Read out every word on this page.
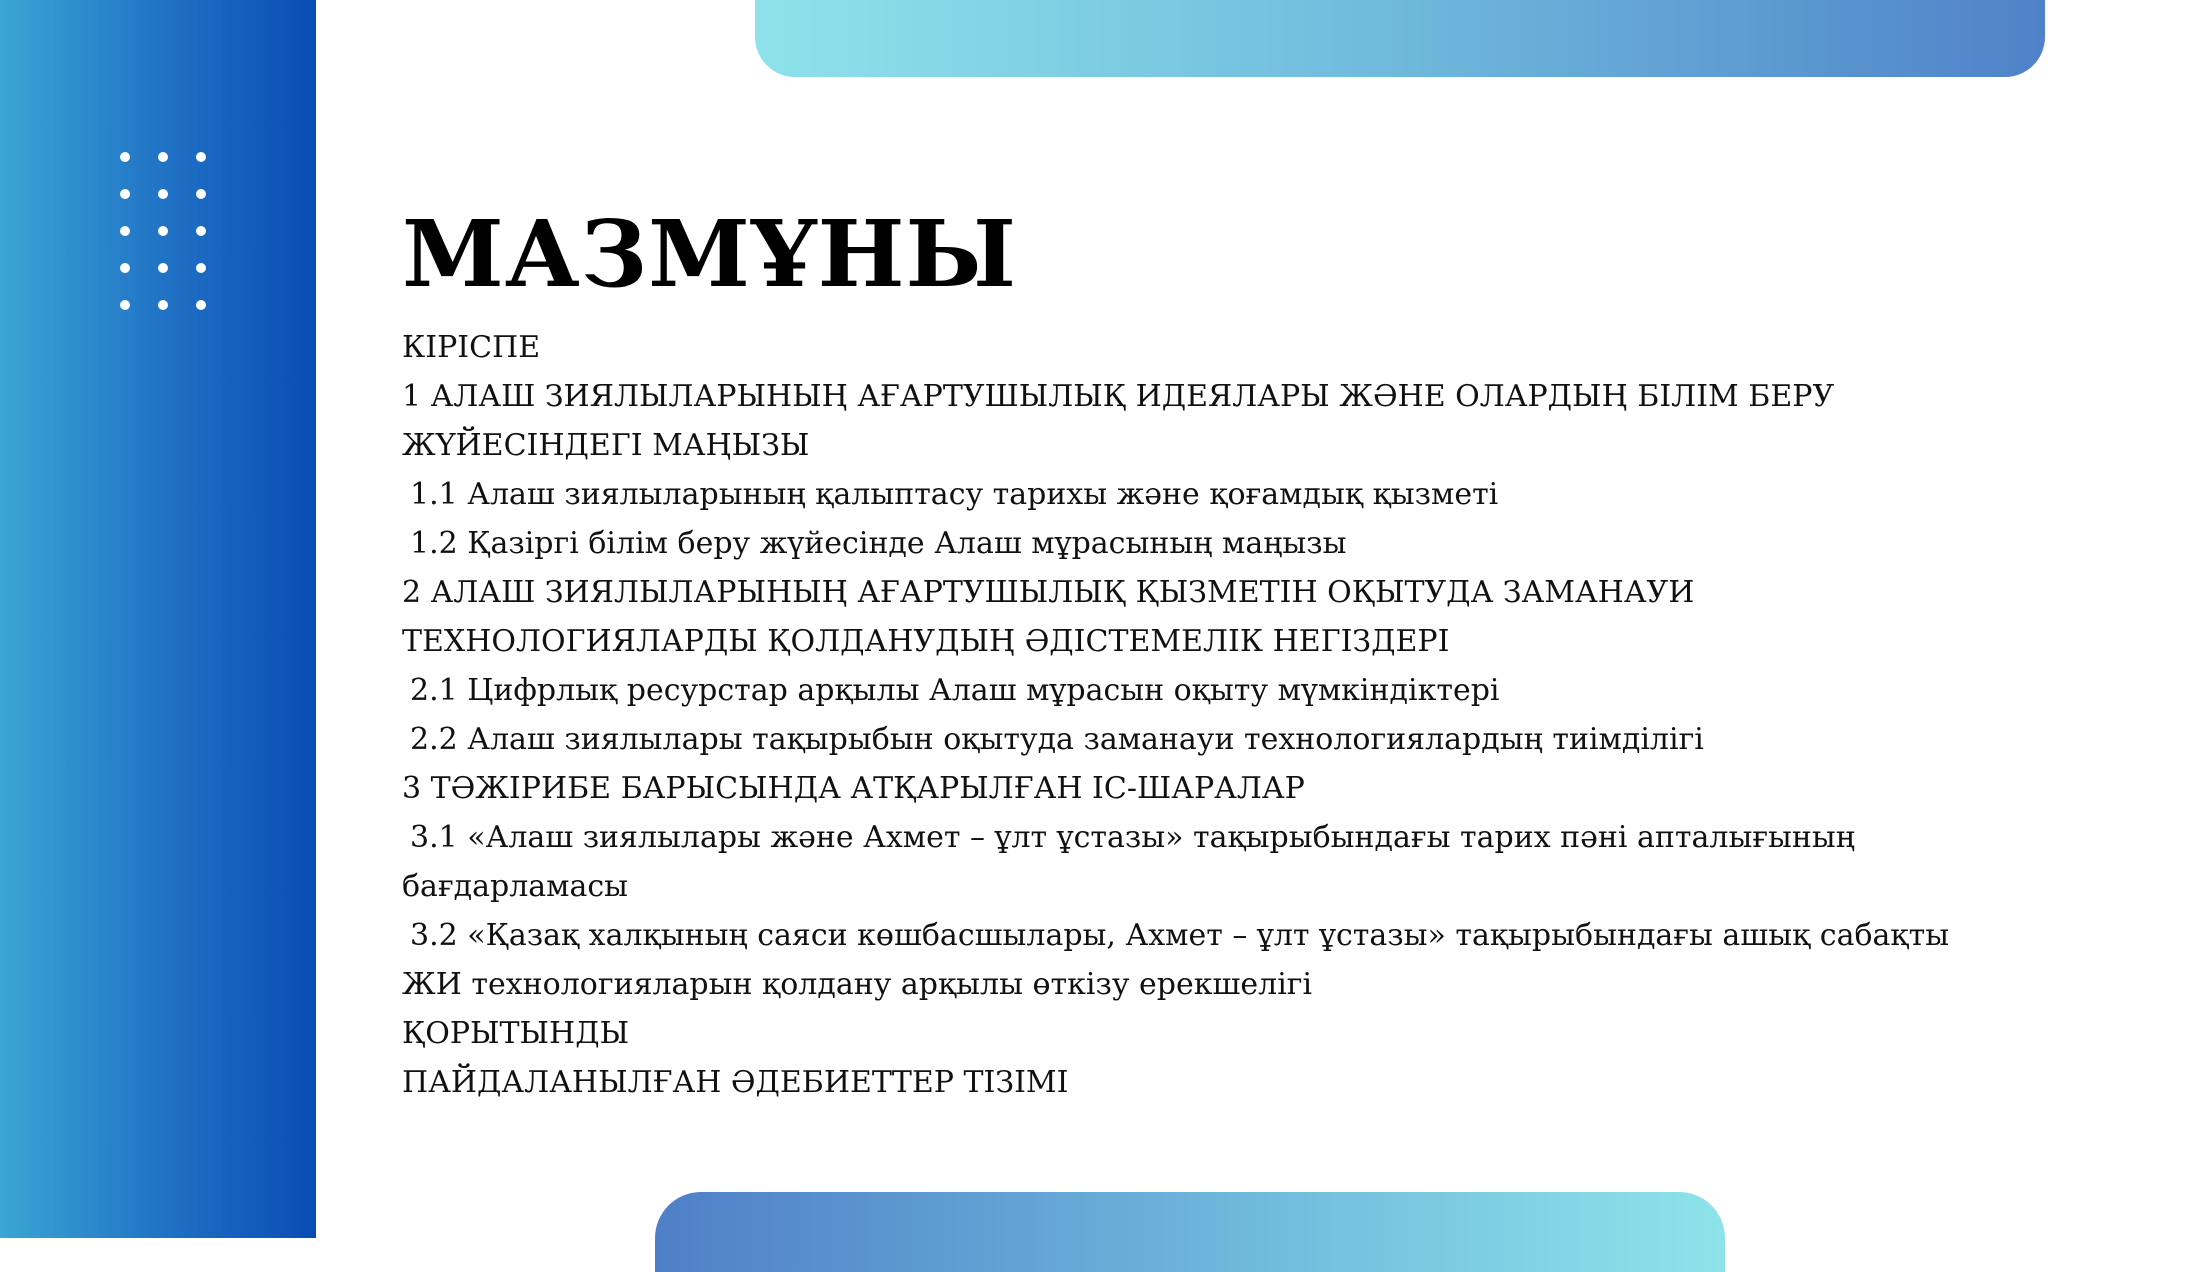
МАЗМҰНЫ
КІРІСПЕ
1 АЛАШ ЗИЯЛЫЛАРЫНЫҢ АҒАРТУШЫЛЫҚ ИДЕЯЛАРЫ ЖӘНЕ ОЛАРДЫҢ БІЛІМ БЕРУ
ЖҮЙЕСІНДЕГІ МАҢЫЗЫ
1.1 Алаш зиялыларының қалыптасу тарихы және қоғамдық қызметі
1.2 Қазіргі білім беру жүйесінде Алаш мұрасының маңызы
2 АЛАШ ЗИЯЛЫЛАРЫНЫҢ АҒАРТУШЫЛЫҚ ҚЫЗМЕТІН ОҚЫТУДА ЗАМАНАУИ
ТЕХНОЛОГИЯЛАРДЫ ҚОЛДАНУДЫҢ ӘДІСТЕМЕЛІК НЕГІЗДЕРІ
2.1 Цифрлық ресурстар арқылы Алаш мұрасын оқыту мүмкіндіктері
2.2 Алаш зиялылары тақырыбын оқытуда заманауи технологиялардың тиімділігі
3 ТӘЖІРИБЕ БАРЫСЫНДА АТҚАРЫЛҒАН ІС-ШАРАЛАР
3.1 «Алаш зиялылары және Ахмет – ұлт ұстазы» тақырыбындағы тарих пәні апталығының
бағдарламасы
3.2 «Қазақ халқының саяси көшбасшылары, Ахмет – ұлт ұстазы» тақырыбындағы ашық сабақты
ЖИ технологияларын қолдану арқылы өткізу ерекшелігі
ҚОРЫТЫНДЫ
ПАЙДАЛАНЫЛҒАН ӘДЕБИЕТТЕР ТІЗІМІ
